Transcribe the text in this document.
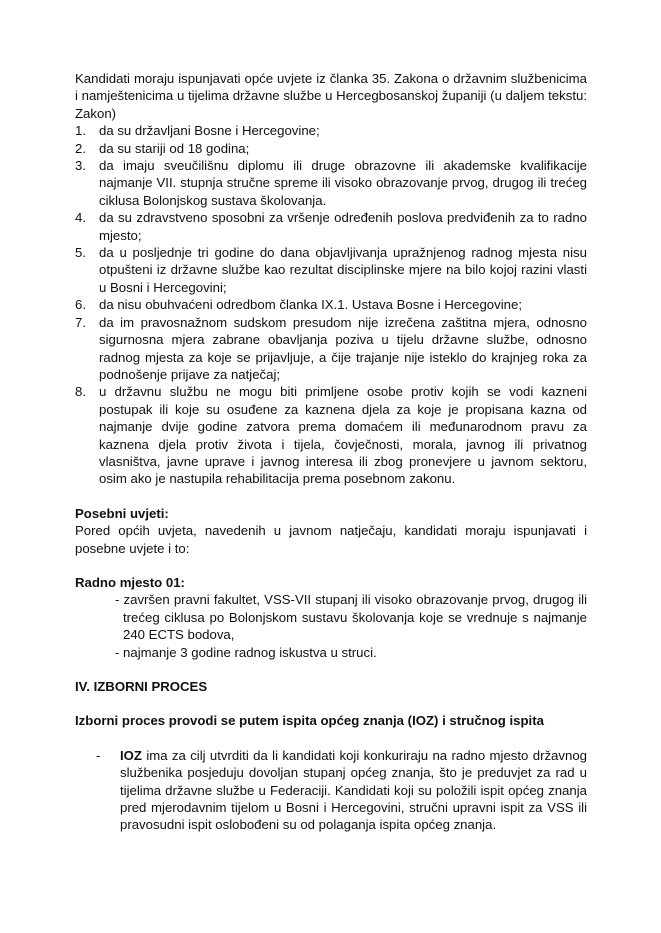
Kandidati moraju ispunjavati opće uvjete iz članka 35. Zakona o državnim službenicima i namještenicima u tijelima državne službe u Hercegbosanskoj županiji (u daljem tekstu: Zakon)

1. da su državljani Bosne i Hercegovine;
2. da su stariji od 18 godina;
3. da imaju sveučilišnu diplomu ili druge obrazovne ili akademske kvalifikacije najmanje VII. stupnja stručne spreme ili visoko obrazovanje prvog, drugog ili trećeg ciklusa Bolonjskog sustava školovanja.
4. da su zdravstveno sposobni za vršenje određenih poslova predviđenih za to radno mjesto;
5. da u posljednje tri godine do dana objavljivanja upražnjenog radnog mjesta nisu otpušteni iz državne službe kao rezultat disciplinske mjere na bilo kojoj razini vlasti u Bosni i Hercegovini;
6. da nisu obuhvaćeni odredbom članka IX.1. Ustava Bosne i Hercegovine;
7. da im pravosnažnom sudskom presudom nije izrečena zaštitna mjera, odnosno sigurnosna mjera zabrane obavljanja poziva u tijelu državne službe, odnosno radnog mjesta za koje se prijavljuje, a čije trajanje nije isteklo do krajnjeg roka za podnošenje prijave za natječaj;
8. u državnu službu ne mogu biti primljene osobe protiv kojih se vodi kazneni postupak ili koje su osuđene za kaznena djela za koje je propisana kazna od najmanje dvije godine zatvora prema domaćem ili međunarodnom pravu za kaznena djela protiv života i tijela, čovječnosti, morala, javnog ili privatnog vlasništva, javne uprave i javnog interesa ili zbog pronevjere u javnom sektoru, osim ako je nastupila rehabilitacija prema posebnom zakonu.

Posebni uvjeti:

Pored općih uvjeta, navedenih u javnom natječaju, kandidati moraju ispunjavati i posebne uvjete i to:

Radno mjesto 01:

- završen pravni fakultet, VSS-VII stupanj ili visoko obrazovanje prvog, drugog ili trećeg ciklusa po Bolonjskom sustavu školovanja koje se vrednuje s najmanje 240 ECTS bodova,
- najmanje 3 godine radnog iskustva u struci.

IV. IZBORNI PROCES

Izborni proces provodi se putem ispita općeg znanja (IOZ) i stručnog ispita

- IOZ ima za cilj utvrditi da li kandidati koji konkuriraju na radno mjesto državnog službenika posjeduju dovoljan stupanj općeg znanja, što je preduvjet za rad u tijelima državne službe u Federaciji. Kandidati koji su položili ispit općeg znanja pred mjerodavnim tijelom u Bosni i Hercegovini, stručni upravni ispit za VSS ili pravosudni ispit oslobođeni su od polaganja ispita općeg znanja.
